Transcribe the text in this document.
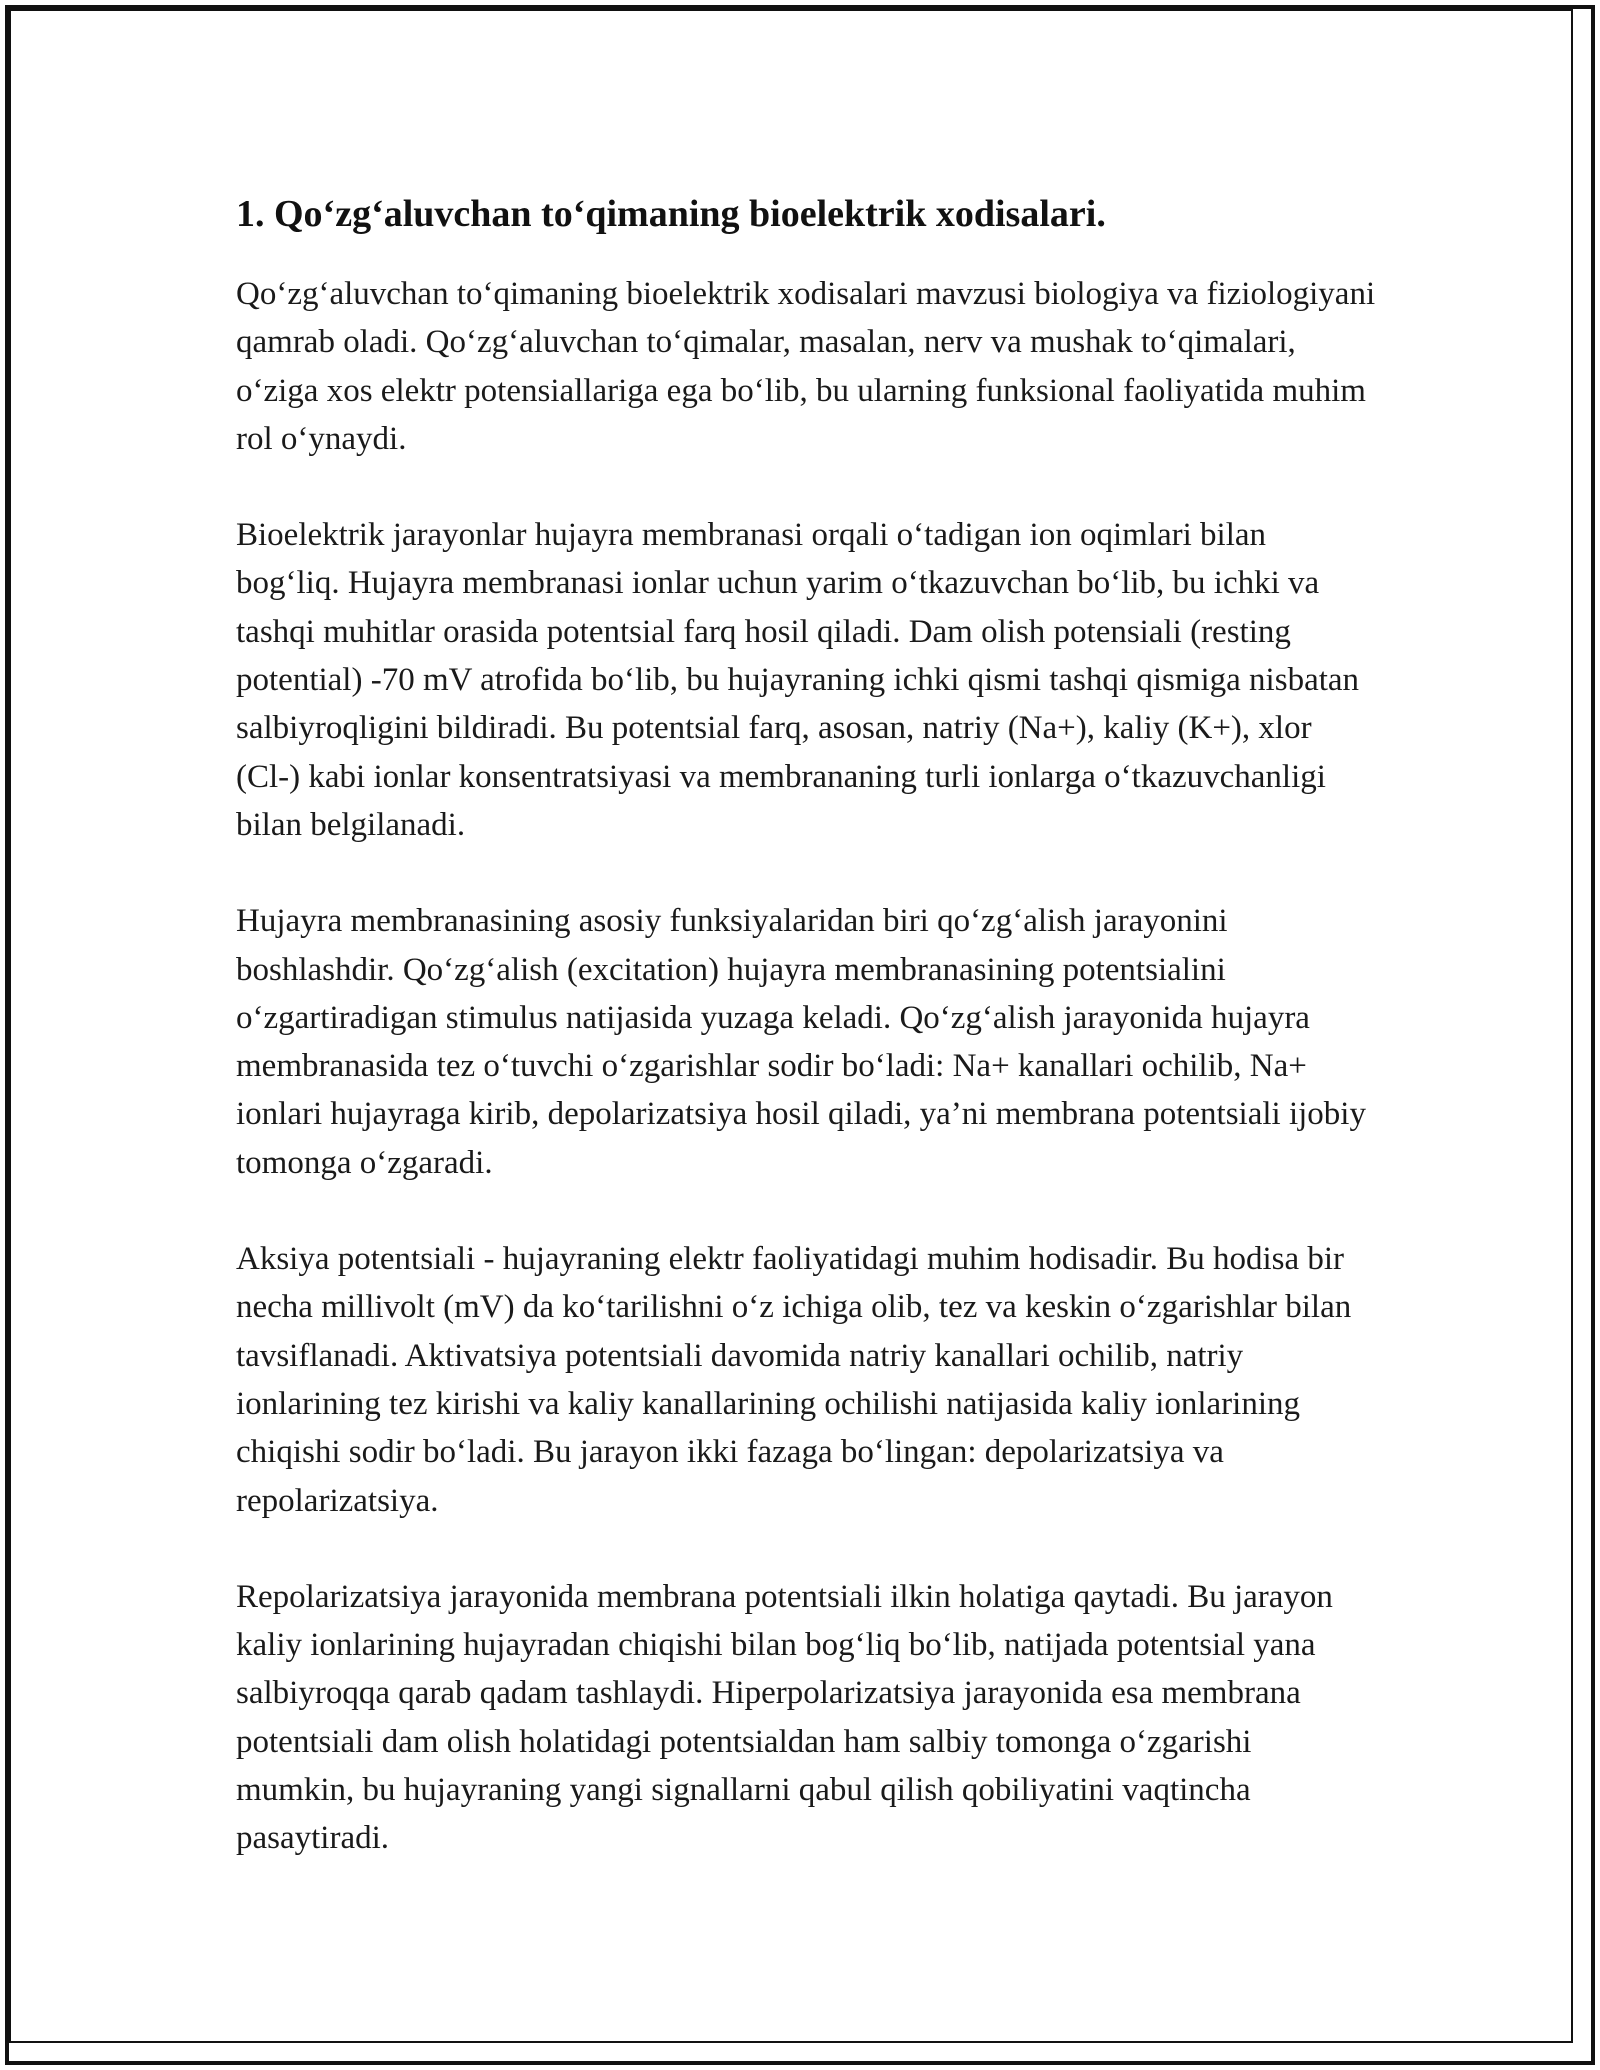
1. Qoʻzgʻaluvchan toʻqimaning bioelektrik xodisalari.

Qoʻzgʻaluvchan toʻqimaning bioelektrik xodisalari mavzusi biologiya va fiziologiyani qamrab oladi. Qoʻzgʻaluvchan toʻqimalar, masalan, nerv va mushak toʻqimalari, oʻziga xos elektr potensiallariga ega boʻlib, bu ularning funksional faoliyatida muhim rol oʻynaydi.

Bioelektrik jarayonlar hujayra membranasi orqali oʻtadigan ion oqimlari bilan bogʻliq. Hujayra membranasi ionlar uchun yarim oʻtkazuvchan boʻlib, bu ichki va tashqi muhitlar orasida potentsial farq hosil qiladi. Dam olish potensiali (resting potential) -70 mV atrofida boʻlib, bu hujayraning ichki qismi tashqi qismiga nisbatan salbiyroqligini bildiradi. Bu potentsial farq, asosan, natriy (Na+), kaliy (K+), xlor (Cl-) kabi ionlar konsentratsiyasi va membrananing turli ionlarga oʻtkazuvchanligi bilan belgilanadi.

Hujayra membranasining asosiy funksiyalaridan biri qoʻzgʻalish jarayonini boshlashdir. Qoʻzgʻalish (excitation) hujayra membranasining potentsialini oʻzgartiradigan stimulus natijasida yuzaga keladi. Qoʻzgʻalish jarayonida hujayra membranasida tez oʻtuvchi oʻzgarishlar sodir boʻladi: Na+ kanallari ochilib, Na+ ionlari hujayraga kirib, depolarizatsiya hosil qiladi, ya’ni membrana potentsiali ijobiy tomonga oʻzgaradi.

Aksiya potentsiali - hujayraning elektr faoliyatidagi muhim hodisadir. Bu hodisa bir necha millivolt (mV) da koʻtarilishni oʻz ichiga olib, tez va keskin oʻzgarishlar bilan tavsiflanadi. Aktivatsiya potentsiali davomida natriy kanallari ochilib, natriy ionlarining tez kirishi va kaliy kanallarining ochilishi natijasida kaliy ionlarining chiqishi sodir boʻladi. Bu jarayon ikki fazaga boʻlingan: depolarizatsiya va repolarizatsiya.

Repolarizatsiya jarayonida membrana potentsiali ilkin holatiga qaytadi. Bu jarayon kaliy ionlarining hujayradan chiqishi bilan bogʻliq boʻlib, natijada potentsial yana salbiyroqqa qarab qadam tashlaydi. Hiperpolarizatsiya jarayonida esa membrana potentsiali dam olish holatidagi potentsialdan ham salbiy tomonga oʻzgarishi mumkin, bu hujayraning yangi signallarni qabul qilish qobiliyatini vaqtincha pasaytiradi.
